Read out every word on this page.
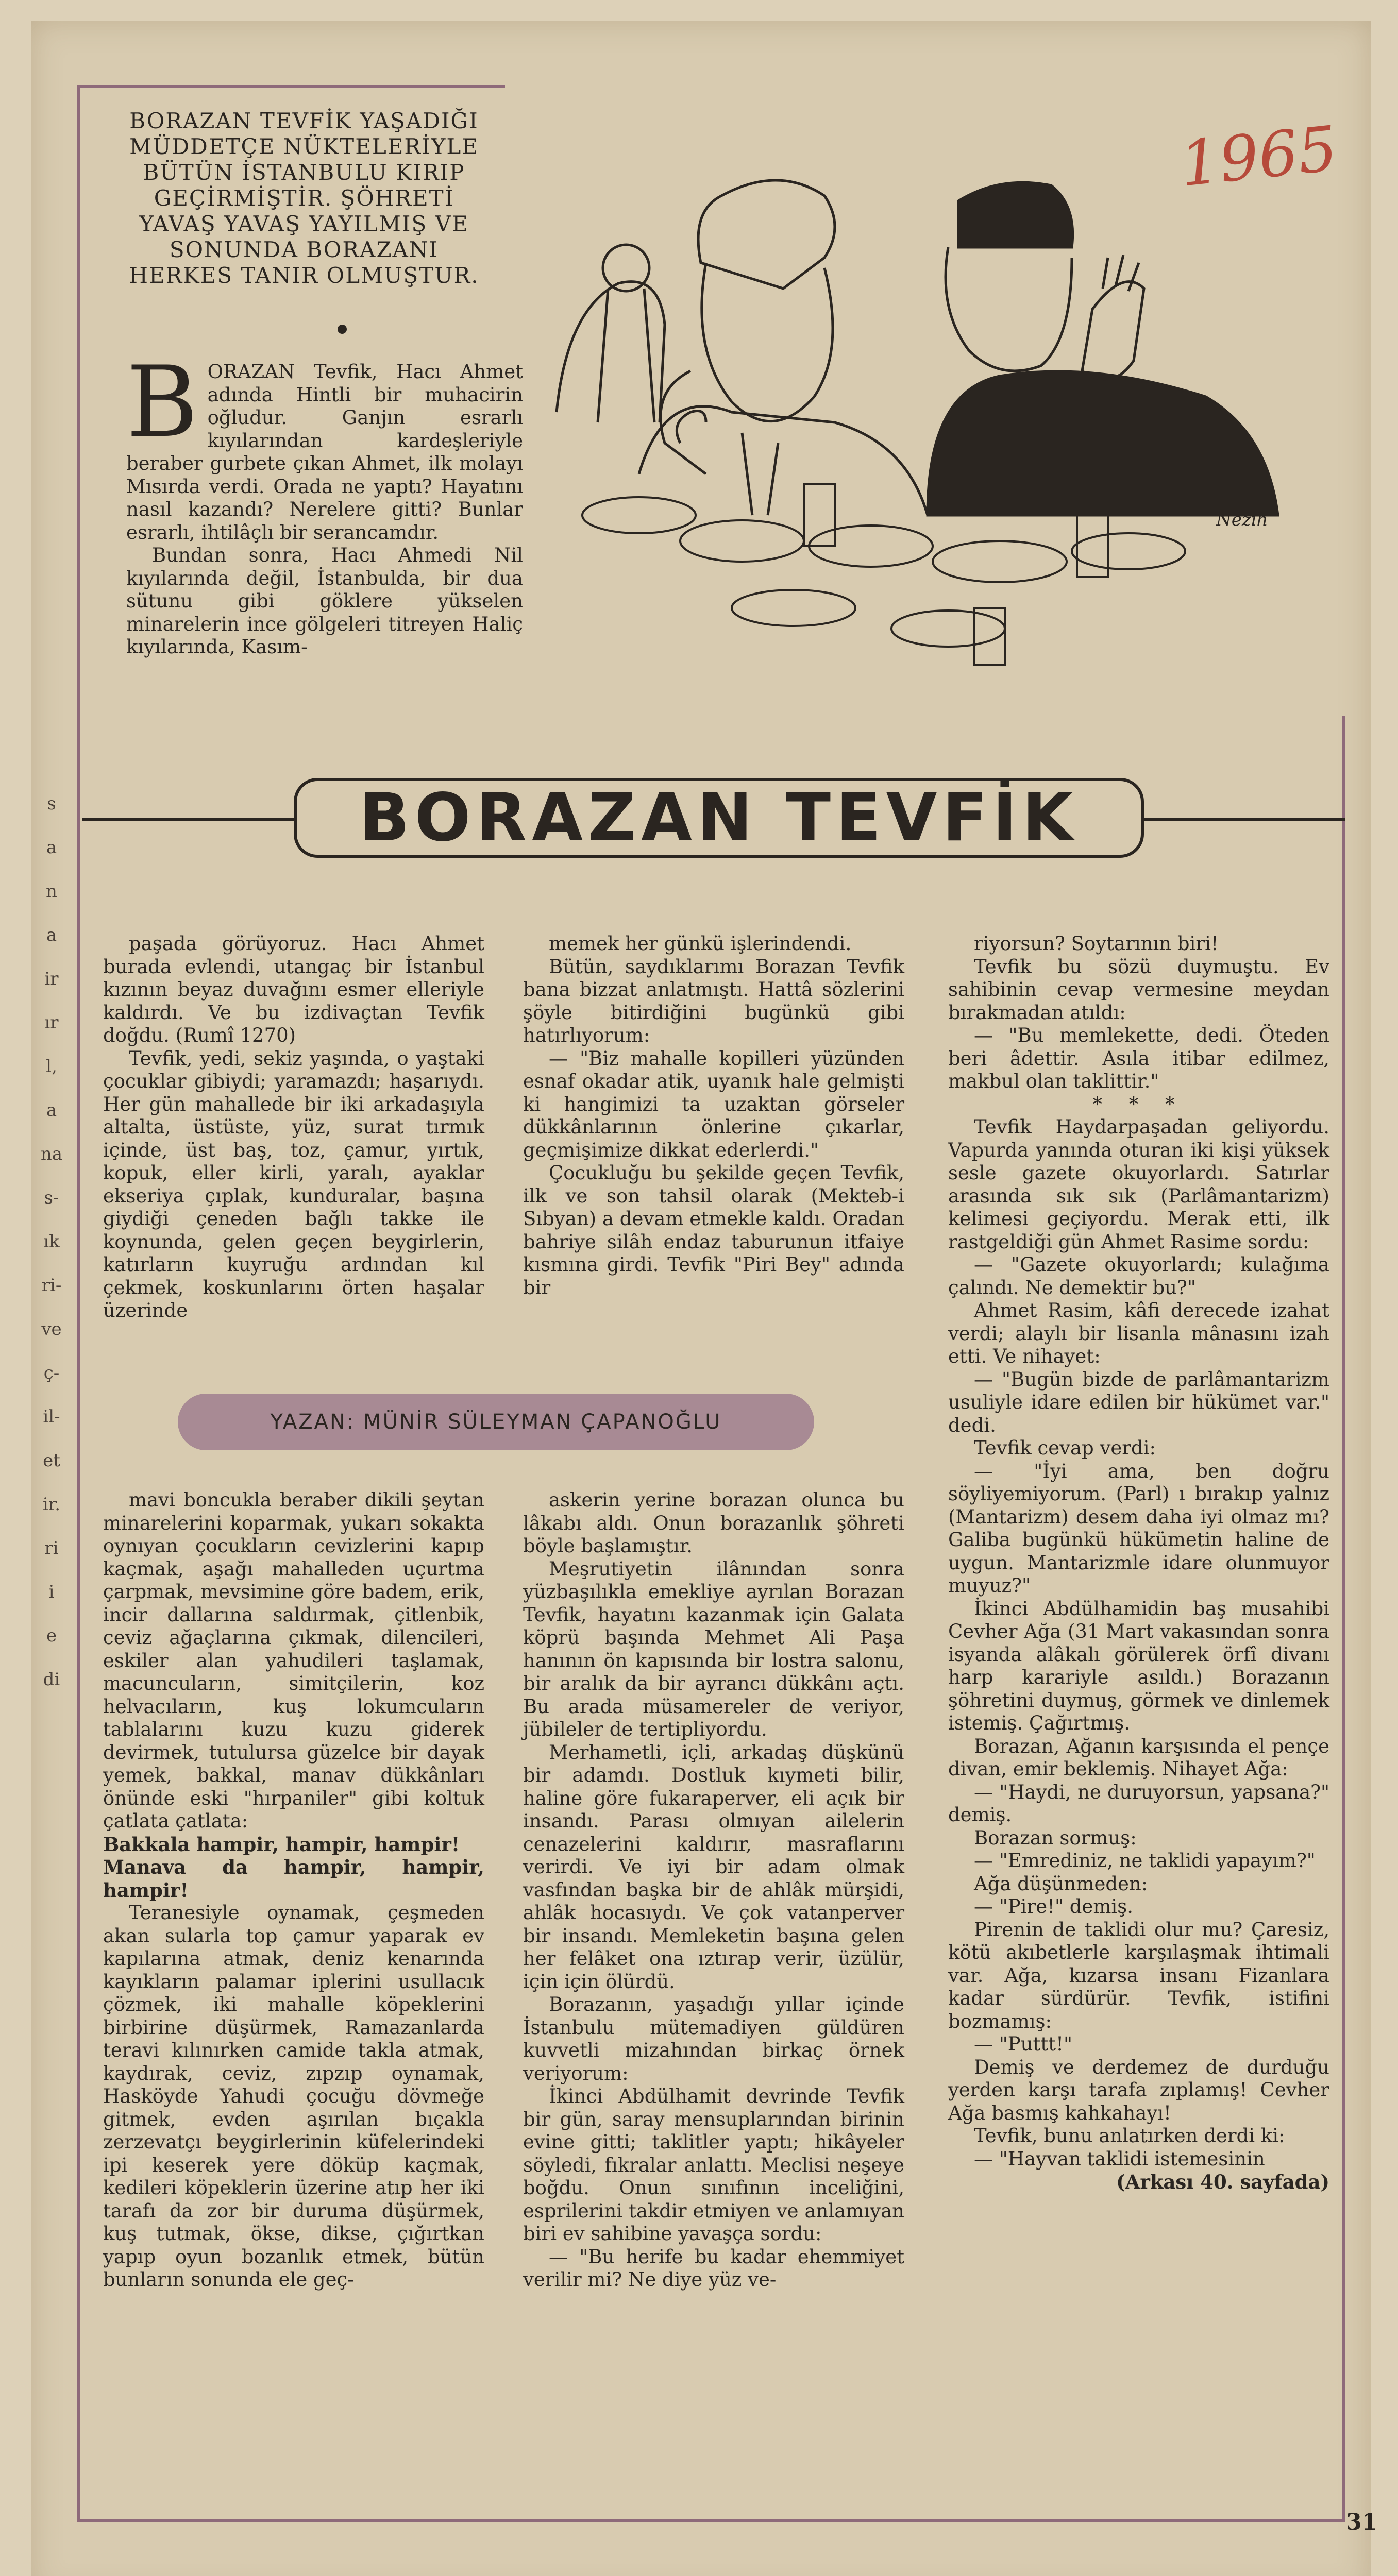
s
a
n
a
ir
ır
l,
a
na
s-
ık
ri-
ve
ç-
il-
et
ir.
ri
i
e
di
1965
BORAZAN TEVFİK YAŞADIĞI MÜDDETÇE NÜKTELERİYLE BÜTÜN İSTANBULU KIRIP GEÇİRMİŞTİR. ŞÖHRETİ YAVAŞ YAVAŞ YAYILMIŞ VE SONUNDA BORAZANI HERKES TANIR OLMUŞTUR.

BORAZAN Tevfik, Hacı Ahmet adında Hintli bir muhacirin oğludur. Ganjın esrarlı kıyılarından kardeşleriyle beraber gurbete çıkan Ahmet, ilk molayı Mısırda verdi. Orada ne yaptı? Hayatını nasıl kazandı? Nerelere gitti? Bunlar esrarlı, ihtilâçlı bir serancamdır.

Bundan sonra, Hacı Ahmedi Nil kıyılarında değil, İstanbulda, bir dua sütunu gibi göklere yükselen minarelerin ince gölgeleri titreyen Haliç kıyılarında, Kasım-

Nezih
BORAZAN TEVFİK

paşada görüyoruz. Hacı Ahmet burada evlendi, utangaç bir İstanbul kızının beyaz duvağını esmer elleriyle kaldırdı. Ve bu izdivaçtan Tevfik doğdu. (Rumî 1270)

Tevfik, yedi, sekiz yaşında, o yaştaki çocuklar gibiydi; yaramazdı; haşarıydı. Her gün mahallede bir iki arkadaşıyla altalta, üstüste, yüz, surat tırmık içinde, üst baş, toz, çamur, yırtık, kopuk, eller kirli, yaralı, ayaklar ekseriya çıplak, kunduralar, başına giydiği çeneden bağlı takke ile koynunda, gelen geçen beygirlerin, katırların kuyruğu ardından kıl çekmek, koskunlarını örten haşalar üzerinde

memek her günkü işlerindendi.

Bütün, saydıklarımı Borazan Tevfik bana bizzat anlatmıştı. Hattâ sözlerini şöyle bitirdiğini bugünkü gibi hatırlıyorum:

— "Biz mahalle kopilleri yüzünden esnaf okadar atik, uyanık hale gelmişti ki hangimizi ta uzaktan görseler dükkânlarının önlerine çıkarlar, geçmişimize dikkat ederlerdi."

Çocukluğu bu şekilde geçen Tevfik, ilk ve son tahsil olarak (Mekteb-i Sıbyan) a devam etmekle kaldı. Oradan bahriye silâh endaz taburunun itfaiye kısmına girdi. Tevfik "Piri Bey" adında bir

riyorsun? Soytarının biri!

Tevfik bu sözü duymuştu. Ev sahibinin cevap vermesine meydan bırakmadan atıldı:

— "Bu memlekette, dedi. Öteden beri âdettir. Asıla itibar edilmez, makbul olan taklittir."

* * *

Tevfik Haydarpaşadan geliyordu. Vapurda yanında oturan iki kişi yüksek sesle gazete okuyorlardı. Satırlar arasında sık sık (Parlâmantarizm) kelimesi geçiyordu. Merak etti, ilk rastgeldiği gün Ahmet Rasime sordu:

— "Gazete okuyorlardı; kulağıma çalındı. Ne demektir bu?"

Ahmet Rasim, kâfi derecede izahat verdi; alaylı bir lisanla mânasını izah etti. Ve nihayet:

— "Bugün bizde de parlâmantarizm usuliyle idare edilen bir hükümet var." dedi.

Tevfik cevap verdi:

— "İyi ama, ben doğru söyliyemiyorum. (Parl) ı bırakıp yalnız (Mantarizm) desem daha iyi olmaz mı? Galiba bugünkü hükümetin haline de uygun. Mantarizmle idare olunmuyor muyuz?"

İkinci Abdülhamidin baş musahibi Cevher Ağa (31 Mart vakasından sonra isyanda alâkalı görülerek örfî divanı harp karariyle asıldı.) Borazanın şöhretini duymuş, görmek ve dinlemek istemiş. Çağırtmış.

Borazan, Ağanın karşısında el pençe divan, emir beklemiş. Nihayet Ağa:

— "Haydi, ne duruyorsun, yapsana?" demiş.

Borazan sormuş:

— "Emrediniz, ne taklidi yapayım?"

Ağa düşünmeden:

— "Pire!" demiş.

Pirenin de taklidi olur mu? Çaresiz, kötü akıbetlerle karşılaşmak ihtimali var. Ağa, kızarsa insanı Fizanlara kadar sürdürür. Tevfik, istifini bozmamış:

— "Puttt!"

Demiş ve derdemez de durduğu yerden karşı tarafa zıplamış! Cevher Ağa basmış kahkahayı!

Tevfik, bunu anlatırken derdi ki:

— "Hayvan taklidi istemesinin

(Arkası 40. sayfada)

YAZAN: MÜNİR SÜLEYMAN ÇAPANOĞLU

mavi boncukla beraber dikili şeytan minarelerini koparmak, yukarı sokakta oynıyan çocukların cevizlerini kapıp kaçmak, aşağı mahalleden uçurtma çarpmak, mevsimine göre badem, erik, incir dallarına saldırmak, çitlenbik, ceviz ağaçlarına çıkmak, dilencileri, eskiler alan yahudileri taşlamak, macuncuların, simitçilerin, koz helvacıların, kuş lokumcuların tablalarını kuzu kuzu giderek devirmek, tutulursa güzelce bir dayak yemek, bakkal, manav dükkânları önünde eski "hırpaniler" gibi koltuk çatlata çatlata:

Bakkala hampir, hampir, hampir!

Manava da hampir, hampir, hampir!

Teranesiyle oynamak, çeşmeden akan sularla top çamur yaparak ev kapılarına atmak, deniz kenarında kayıkların palamar iplerini usullacık çözmek, iki mahalle köpeklerini birbirine düşürmek, Ramazanlarda teravi kılınırken camide takla atmak, kaydırak, ceviz, zıpzıp oynamak, Hasköyde Yahudi çocuğu dövmeğe gitmek, evden aşırılan bıçakla zerzevatçı beygirlerinin küfelerindeki ipi keserek yere döküp kaçmak, kedileri köpeklerin üzerine atıp her iki tarafı da zor bir duruma düşürmek, kuş tutmak, ökse, dikse, çığırtkan yapıp oyun bozanlık etmek, bütün bunların sonunda ele geç-

askerin yerine borazan olunca bu lâkabı aldı. Onun borazanlık şöhreti böyle başlamıştır.

Meşrutiyetin ilânından sonra yüzbaşılıkla emekliye ayrılan Borazan Tevfik, hayatını kazanmak için Galata köprü başında Mehmet Ali Paşa hanının ön kapısında bir lostra salonu, bir aralık da bir ayrancı dükkânı açtı. Bu arada müsamereler de veriyor, jübileler de tertipliyordu.

Merhametli, içli, arkadaş düşkünü bir adamdı. Dostluk kıymeti bilir, haline göre fukaraperver, eli açık bir insandı. Parası olmıyan ailelerin cenazelerini kaldırır, masraflarını verirdi. Ve iyi bir adam olmak vasfından başka bir de ahlâk mürşidi, ahlâk hocasıydı. Ve çok vatanperver bir insandı. Memleketin başına gelen her felâket ona ıztırap verir, üzülür, için için ölürdü.

Borazanın, yaşadığı yıllar içinde İstanbulu mütemadiyen güldüren kuvvetli mizahından birkaç örnek veriyorum:

İkinci Abdülhamit devrinde Tevfik bir gün, saray mensuplarından birinin evine gitti; taklitler yaptı; hikâyeler söyledi, fıkralar anlattı. Meclisi neşeye boğdu. Onun sınıfının inceliğini, esprilerini takdir etmiyen ve anlamıyan biri ev sahibine yavaşça sordu:

— "Bu herife bu kadar ehemmiyet verilir mi? Ne diye yüz ve-

31
